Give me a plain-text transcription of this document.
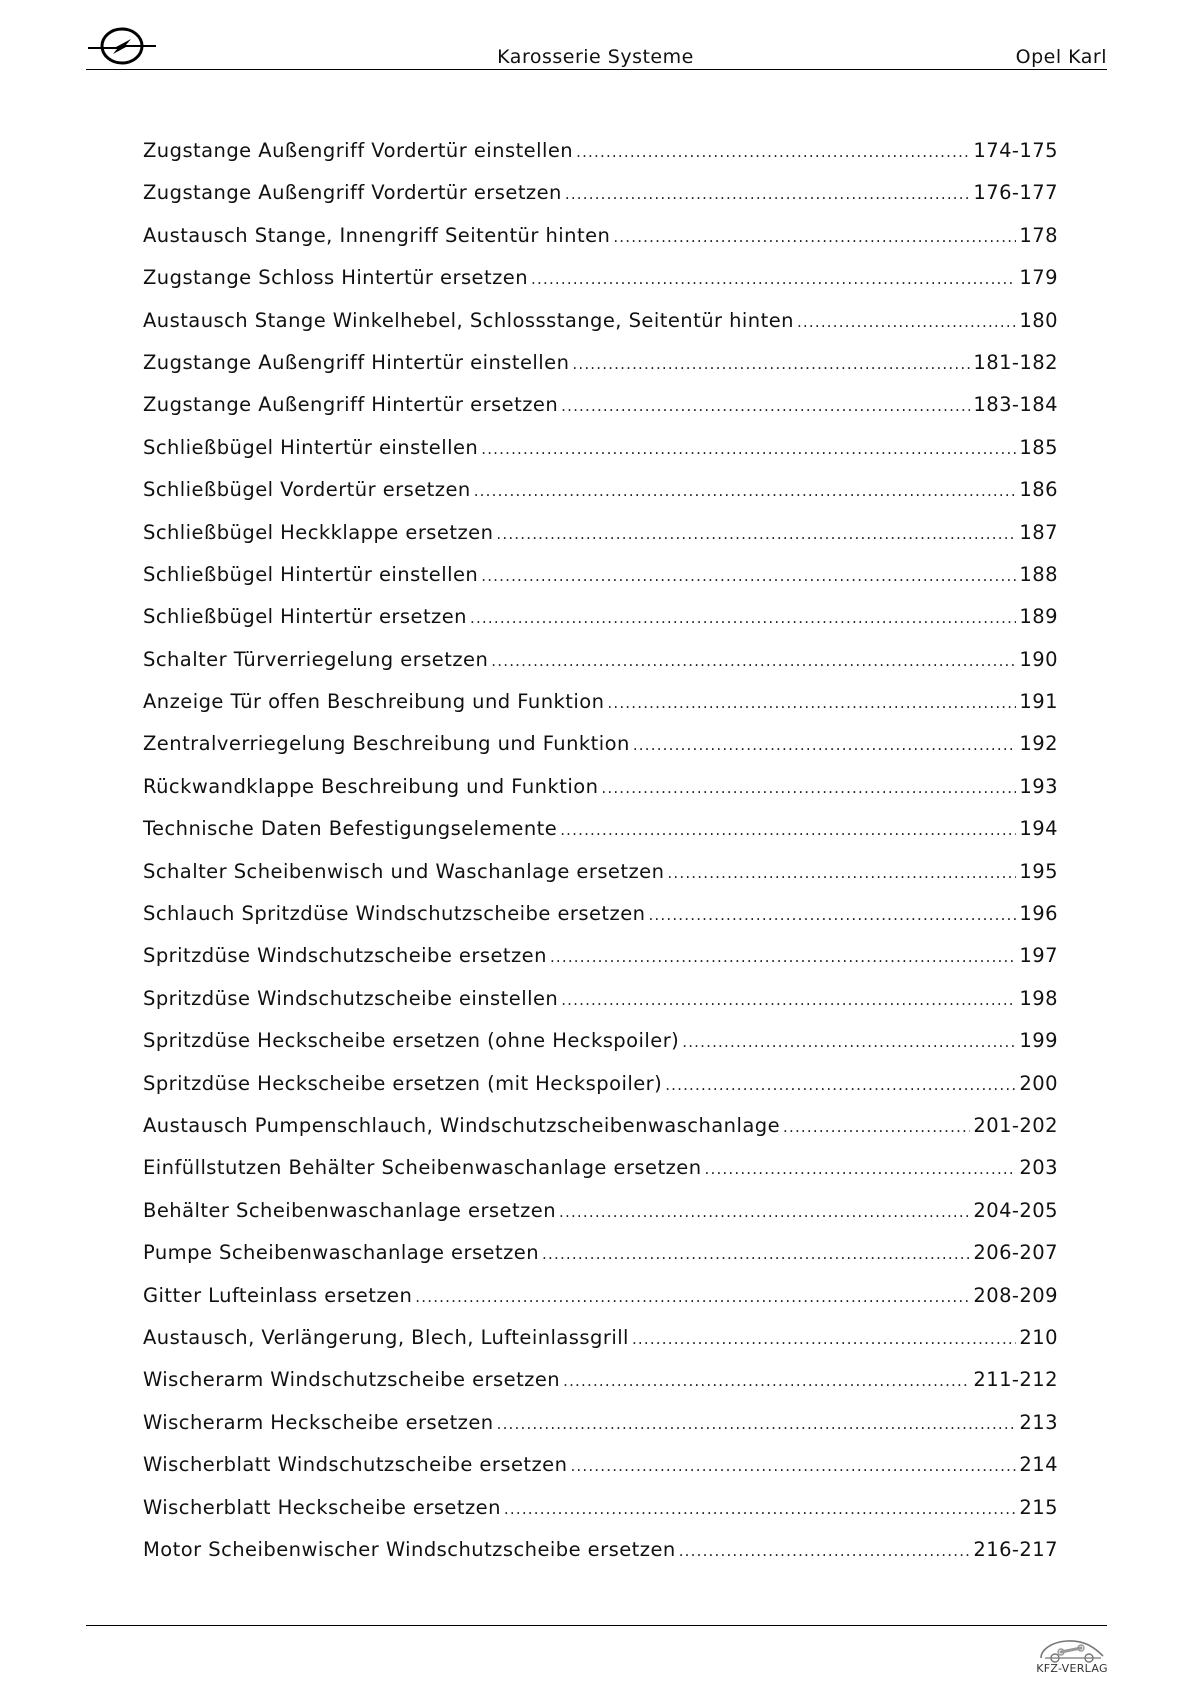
Karosserie Systeme	Opel Karl
Zugstange Außengriff Vordertür einstellen .....	174-175
Zugstange Außengriff Vordertür ersetzen .....	176-177
Austausch Stange, Innengriff Seitentür hinten .....	178
Zugstange Schloss Hintertür ersetzen .....	179
Austausch Stange Winkelhebel, Schlossstange, Seitentür hinten .....	180
Zugstange Außengriff Hintertür einstellen .....	181-182
Zugstange Außengriff Hintertür ersetzen .....	183-184
Schließbügel Hintertür einstellen .....	185
Schließbügel Vordertür ersetzen .....	186
Schließbügel Heckklappe ersetzen .....	187
Schließbügel Hintertür einstellen .....	188
Schließbügel Hintertür ersetzen .....	189
Schalter Türverriegelung ersetzen .....	190
Anzeige Tür offen Beschreibung und Funktion .....	191
Zentralverriegelung Beschreibung und Funktion .....	192
Rückwandklappe Beschreibung und Funktion .....	193
Technische Daten Befestigungselemente .....	194
Schalter Scheibenwisch und Waschanlage ersetzen .....	195
Schlauch Spritzdüse Windschutzscheibe ersetzen .....	196
Spritzdüse Windschutzscheibe ersetzen .....	197
Spritzdüse Windschutzscheibe einstellen .....	198
Spritzdüse Heckscheibe ersetzen (ohne Heckspoiler) .....	199
Spritzdüse Heckscheibe ersetzen (mit Heckspoiler) .....	200
Austausch Pumpenschlauch, Windschutzscheibenwaschanlage .....	201-202
Einfüllstutzen Behälter Scheibenwaschanlage ersetzen .....	203
Behälter Scheibenwaschanlage ersetzen .....	204-205
Pumpe Scheibenwaschanlage ersetzen .....	206-207
Gitter Lufteinlass ersetzen .....	208-209
Austausch, Verlängerung, Blech, Lufteinlassgrill .....	210
Wischerarm Windschutzscheibe ersetzen .....	211-212
Wischerarm Heckscheibe ersetzen .....	213
Wischerblatt Windschutzscheibe ersetzen .....	214
Wischerblatt Heckscheibe ersetzen .....	215
Motor Scheibenwischer Windschutzscheibe ersetzen .....	216-217
KFZ-VERLAG
